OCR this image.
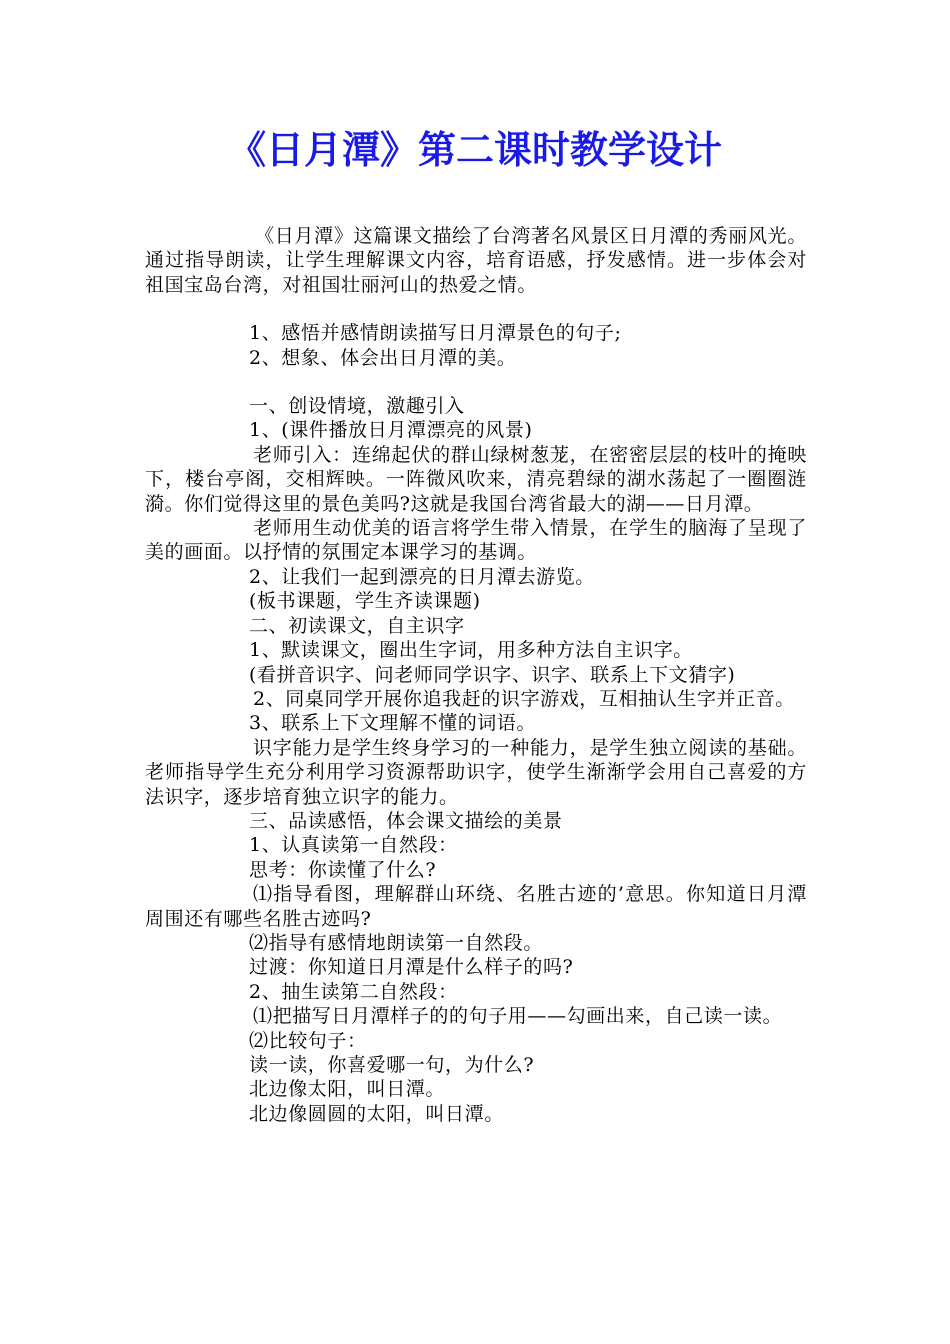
《日月潭》第二课时教学设计

《日月潭》这篇课文描绘了台湾著名风景区日月潭的秀丽风光。通过指导朗读，让学生理解课文内容，培育语感，抒发感情。进一步体会对祖国宝岛台湾，对祖国壮丽河山的热爱之情。

1、感悟并感情朗读描写日月潭景色的句子;

2、想象、体会出日月潭的美。

一、创设情境，激趣引入

1、(课件播放日月潭漂亮的风景)

老师引入：连绵起伏的群山绿树葱茏，在密密层层的枝叶的掩映下，楼台亭阁，交相辉映。一阵微风吹来，清亮碧绿的湖水荡起了一圈圈涟漪。你们觉得这里的景色美吗?这就是我国台湾省最大的湖——日月潭。

老师用生动优美的语言将学生带入情景，在学生的脑海了呈现了美的画面。以抒情的氛围定本课学习的基调。

2、让我们一起到漂亮的日月潭去游览。

(板书课题，学生齐读课题)

二、初读课文，自主识字

1、默读课文，圈出生字词，用多种方法自主识字。

(看拼音识字、问老师同学识字、识字、联系上下文猜字)

2、同桌同学开展你追我赶的识字游戏，互相抽认生字并正音。

3、联系上下文理解不懂的词语。

识字能力是学生终身学习的一种能力，是学生独立阅读的基础。老师指导学生充分利用学习资源帮助识字，使学生渐渐学会用自己喜爱的方法识字，逐步培育独立识字的能力。

三、品读感悟，体会课文描绘的美景

1、认真读第一自然段：

思考：你读懂了什么?

⑴指导看图，理解群山环绕、名胜古迹的’意思。你知道日月潭周围还有哪些名胜古迹吗?

⑵指导有感情地朗读第一自然段。

过渡：你知道日月潭是什么样子的吗?

2、抽生读第二自然段：

⑴把描写日月潭样子的的句子用——勾画出来，自己读一读。

⑵比较句子：

读一读，你喜爱哪一句，为什么?

北边像太阳，叫日潭。

北边像圆圆的太阳，叫日潭。
